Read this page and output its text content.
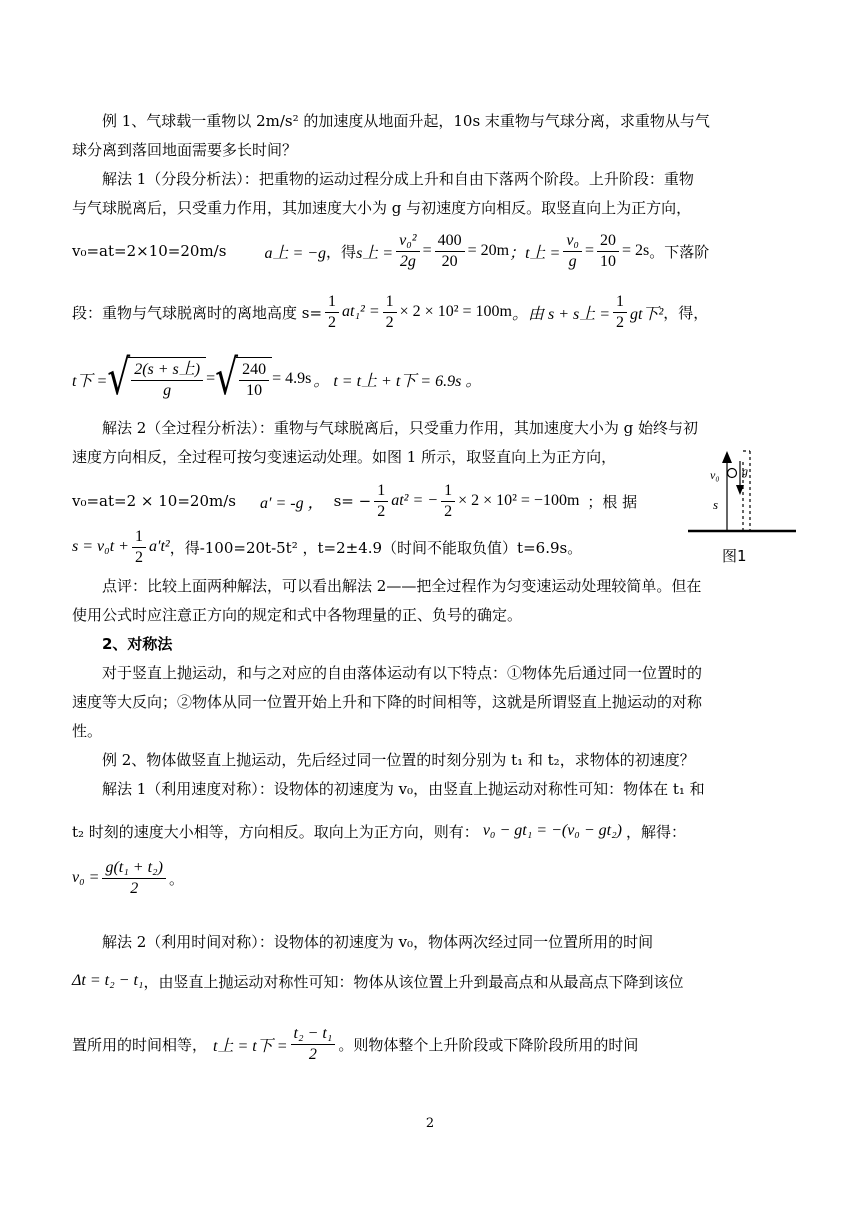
例 1、气球载一重物以 2m/s² 的加速度从地面升起，10s 末重物与气球分离，求重物从与气

球分离到落回地面需要多长时间？

解法 1（分段分析法）：把重物的运动过程分成上升和自由下落两个阶段。上升阶段：重物

与气球脱离后，只受重力作用，其加速度大小为 g 与初速度方向相反。取竖直向上为正方向，

v₀=at=2×10=20m/s a上 = −g ，得 s上 = $\frac{\text{v₀²}}{2g} = \frac{400}{20} = 20m$ ；t上 = $\frac{\text{v₀}}{g} = \frac{20}{10} = 2s$ 。下落阶
段：重物与气球脱离时的离地高度 $s= \frac{1}{2} at_1^2 = \frac{1}{2} \times 2 \times 10^2 = 100m$ 。由 s + s上 = $\frac{1}{2}$ gt下² ，得，
t下 = √ $\frac{\text{2(s + s上)}}{g}$ = √ $\frac{240}{10} = 4.9s$ 。 t = t上 + t下 = 6.9s 。

解法 2（全过程分析法）：重物与气球脱离后，只受重力作用，其加速度大小为 g 始终与初

速度方向相反，全过程可按匀变速运动处理。如图 1 所示，取竖直向上为正方向，

v₀=at=2 × 10=20m/s a′ = -g ， $s= - \frac{1}{2} at^2$ = − $\frac{1}{2} \times 2 \times 10^2 = -100m$ ；根 据
$s = v_0t + \frac{1}{2} a't^2$ ，得-100=20t-5t² ，t=2±4.9（时间不能取负值）t=6.9s。
v₀ g
s
图1

点评：比较上面两种解法，可以看出解法 2——把全过程作为匀变速运动处理较简单。但在

使用公式时应注意正方向的规定和式中各物理量的正、负号的确定。

2、对称法

对于竖直上抛运动，和与之对应的自由落体运动有以下特点：①物体先后通过同一位置时的

速度等大反向；②物体从同一位置开始上升和下降的时间相等，这就是所谓竖直上抛运动的对称

性。

例 2、物体做竖直上抛运动，先后经过同一位置的时刻分别为 t₁ 和 t₂，求物体的初速度？

解法 1（利用速度对称）：设物体的初速度为 v₀，由竖直上抛运动对称性可知：物体在 t₁ 和

t₂ 时刻的速度大小相等，方向相反。取向上为正方向，则有： v₀ − gt₁ = −(v₀ − gt₂) ，解得：
$v_0 = \frac{\text{g(t₁ + t₂)}}{2}$ 。

解法 2（利用时间对称）：设物体的初速度为 v₀，物体两次经过同一位置所用的时间

Δt = t₂ − t₁ ，由竖直上抛运动对称性可知：物体从该位置上升到最高点和从最高点下降到该位
置所用的时间相等， t上 = t下 = $\frac{\text{t₂ − t₁}}{2}$ 。则物体整个上升阶段或下降阶段所用的时间
2
